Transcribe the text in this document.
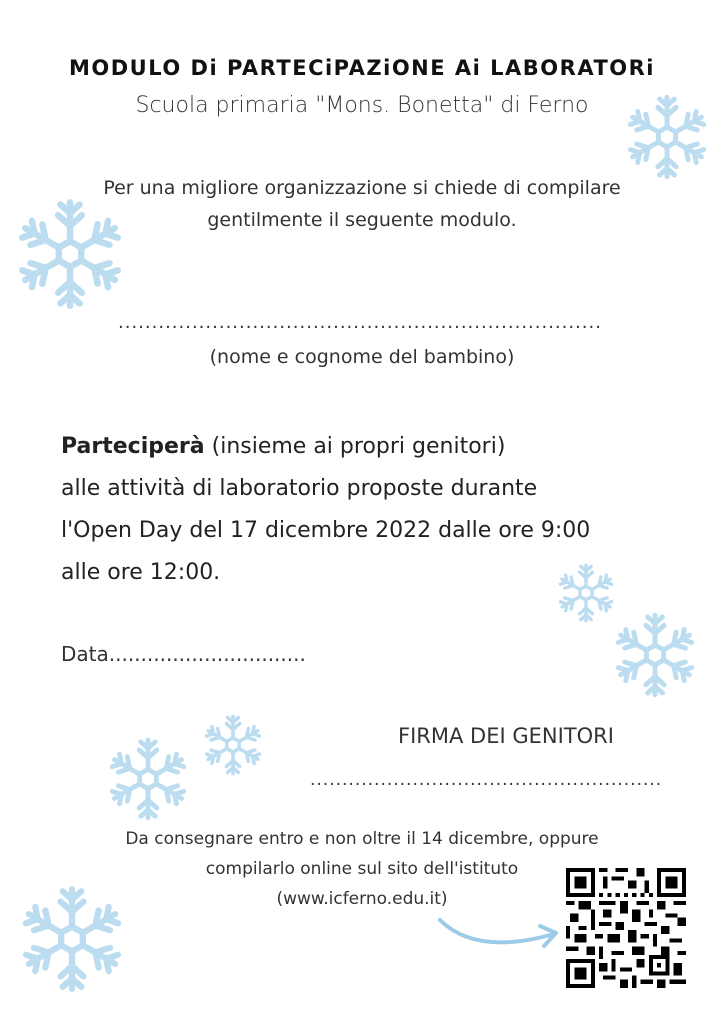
MODULO Di PARTECiPAZiONE Ai LABORATORi
Scuola primaria "Mons. Bonetta" di Ferno
Per una migliore organizzazione si chiede di compilare gentilmente il seguente modulo.
........................................................................
(nome e cognome del bambino)
Parteciperà (insieme ai propri genitori)
alle attività di laboratorio proposte durante
l'Open Day del 17 dicembre 2022 dalle ore 9:00
alle ore 12:00.
Data...............................
FIRMA DEI GENITORI
.......................................................
Da consegnare entro e non oltre il 14 dicembre, oppure
compilarlo online sul sito dell'istituto
(www.icferno.edu.it)
